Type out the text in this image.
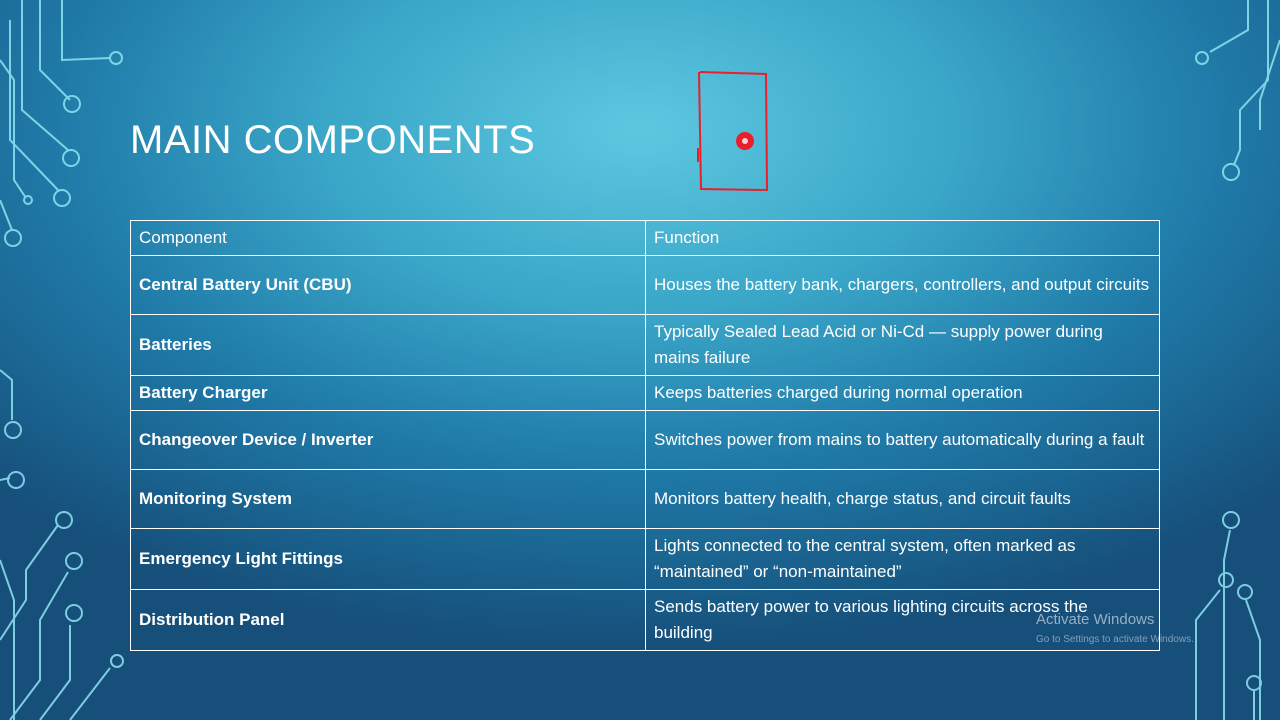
MAIN COMPONENTS
Component	Function
Central Battery Unit (CBU)	Houses the battery bank, chargers, controllers, and output circuits
Batteries	Typically Sealed Lead Acid or Ni-Cd — supply power during mains failure
Battery Charger	Keeps batteries charged during normal operation
Changeover Device / Inverter	Switches power from mains to battery automatically during a fault
Monitoring System	Monitors battery health, charge status, and circuit faults
Emergency Light Fittings	Lights connected to the central system, often marked as “maintained” or “non-maintained”
Distribution Panel	Sends battery power to various lighting circuits across the building
Activate Windows
Go to Settings to activate Windows.
